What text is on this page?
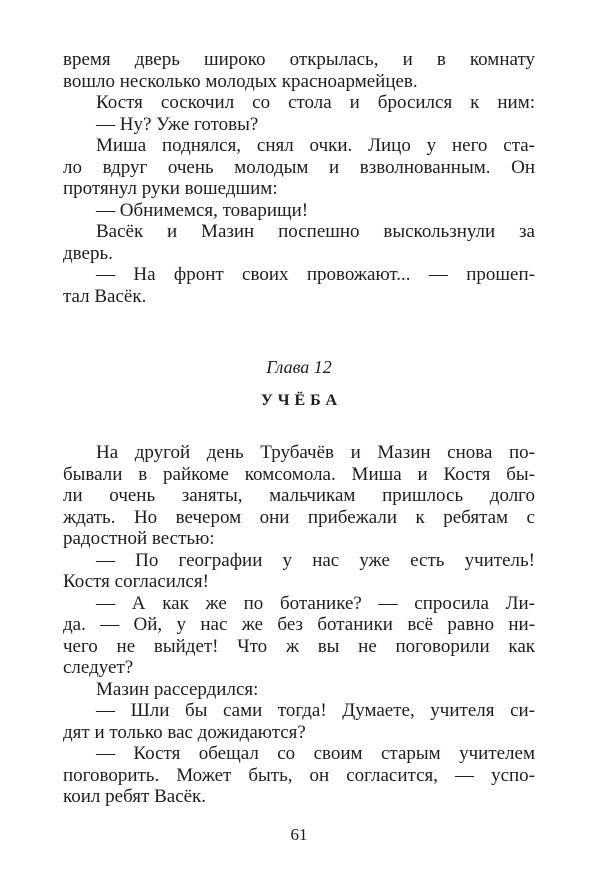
время дверь широко открылась, и в комнату

вошло несколько молодых красноармейцев.

Костя соскочил со стола и бросился к ним:

— Ну? Уже готовы?

Миша поднялся, снял очки. Лицо у него ста-

ло вдруг очень молодым и взволнованным. Он

протянул руки вошедшим:

— Обнимемся, товарищи!

Васёк и Мазин поспешно выскользнули за

дверь.

— На фронт своих провожают... — прошеп-

тал Васёк.

Глава 12

УЧЁБА

На другой день Трубачёв и Мазин снова по-

бывали в райкоме комсомола. Миша и Костя бы-

ли очень заняты, мальчикам пришлось долго

ждать. Но вечером они прибежали к ребятам с

радостной вестью:

— По географии у нас уже есть учитель!

Костя согласился!

— А как же по ботанике? — спросила Ли-

да. — Ой, у нас же без ботаники всё равно ни-

чего не выйдет! Что ж вы не поговорили как

следует?

Мазин рассердился:

— Шли бы сами тогда! Думаете, учителя си-

дят и только вас дожидаются?

— Костя обещал со своим старым учителем

поговорить. Может быть, он согласится, — успо-

коил ребят Васёк.

61
